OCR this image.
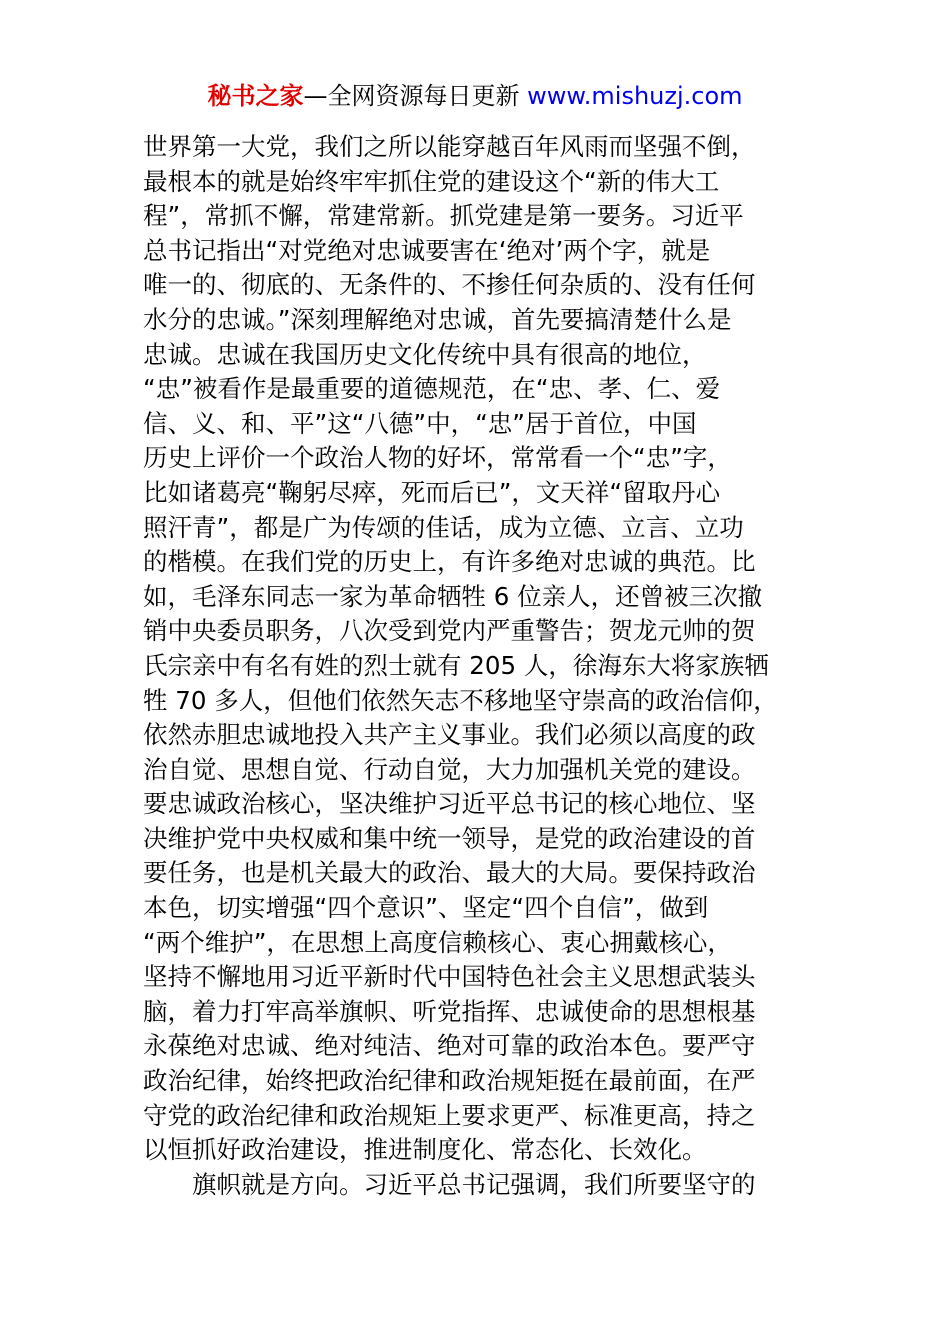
秘书之家—全网资源每日更新 www.mishuzj.com
世界第一大党，我们之所以能穿越百年风雨而坚强不倒，
最根本的就是始终牢牢抓住党的建设这个“新的伟大工
程”，常抓不懈，常建常新。抓党建是第一要务。习近平
总书记指出“对党绝对忠诚要害在‘绝对’两个字，就是
唯一的、彻底的、无条件的、不掺任何杂质的、没有任何
水分的忠诚。”深刻理解绝对忠诚，首先要搞清楚什么是
忠诚。忠诚在我国历史文化传统中具有很高的地位，
“忠”被看作是最重要的道德规范，在“忠、孝、仁、爱
信、义、和、平”这“八德”中，“忠”居于首位，中国
历史上评价一个政治人物的好坏，常常看一个“忠”字，
比如诸葛亮“鞠躬尽瘁，死而后已”，文天祥“留取丹心
照汗青”，都是广为传颂的佳话，成为立德、立言、立功
的楷模。在我们党的历史上，有许多绝对忠诚的典范。比
如，毛泽东同志一家为革命牺牲 6 位亲人，还曾被三次撤
销中央委员职务，八次受到党内严重警告；贺龙元帅的贺
氏宗亲中有名有姓的烈士就有 205 人，徐海东大将家族牺
牲 70 多人，但他们依然矢志不移地坚守崇高的政治信仰，
依然赤胆忠诚地投入共产主义事业。我们必须以高度的政
治自觉、思想自觉、行动自觉，大力加强机关党的建设。
要忠诚政治核心，坚决维护习近平总书记的核心地位、坚
决维护党中央权威和集中统一领导，是党的政治建设的首
要任务，也是机关最大的政治、最大的大局。要保持政治
本色，切实增强“四个意识”、坚定“四个自信”，做到
“两个维护”，在思想上高度信赖核心、衷心拥戴核心，
坚持不懈地用习近平新时代中国特色社会主义思想武装头
脑，着力打牢高举旗帜、听党指挥、忠诚使命的思想根基
永葆绝对忠诚、绝对纯洁、绝对可靠的政治本色。要严守
政治纪律，始终把政治纪律和政治规矩挺在最前面，在严
守党的政治纪律和政治规矩上要求更严、标准更高，持之
以恒抓好政治建设，推进制度化、常态化、长效化。
旗帜就是方向。习近平总书记强调，我们所要坚守的
